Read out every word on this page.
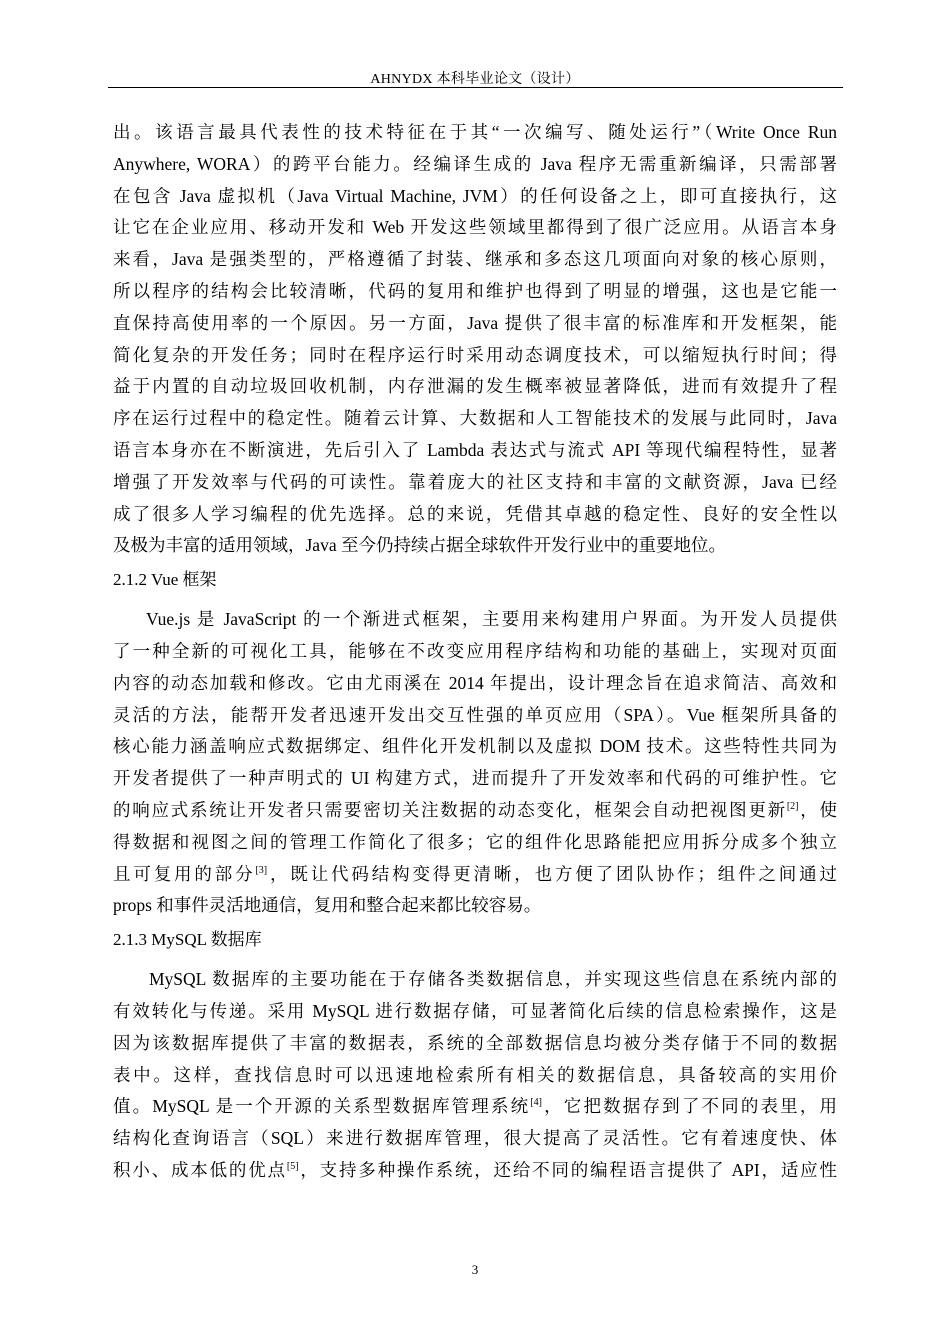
AHNYDX 本科毕业论文（设计）

出。该语言最具代表性的技术特征在于其“一次编写、随处运行”（Write Once Run
Anywhere, WORA）的跨平台能力。经编译生成的 Java 程序无需重新编译，只需部署
在包含 Java 虚拟机（Java Virtual Machine, JVM）的任何设备之上，即可直接执行，这
让它在企业应用、移动开发和 Web 开发这些领域里都得到了很广泛应用。从语言本身
来看，Java 是强类型的，严格遵循了封装、继承和多态这几项面向对象的核心原则，
所以程序的结构会比较清晰，代码的复用和维护也得到了明显的增强，这也是它能一
直保持高使用率的一个原因。另一方面，Java 提供了很丰富的标准库和开发框架，能
简化复杂的开发任务；同时在程序运行时采用动态调度技术，可以缩短执行时间；得
益于内置的自动垃圾回收机制，内存泄漏的发生概率被显著降低，进而有效提升了程
序在运行过程中的稳定性。随着云计算、大数据和人工智能技术的发展与此同时，Java
语言本身亦在不断演进，先后引入了 Lambda 表达式与流式 API 等现代编程特性，显著
增强了开发效率与代码的可读性。靠着庞大的社区支持和丰富的文献资源，Java 已经
成了很多人学习编程的优先选择。总的来说，凭借其卓越的稳定性、良好的安全性以
及极为丰富的适用领域，Java 至今仍持续占据全球软件开发行业中的重要地位。

2.1.2 Vue 框架

Vue.js 是 JavaScript 的一个渐进式框架，主要用来构建用户界面。为开发人员提供
了一种全新的可视化工具，能够在不改变应用程序结构和功能的基础上，实现对页面
内容的动态加载和修改。它由尤雨溪在 2014 年提出，设计理念旨在追求简洁、高效和
灵活的方法，能帮开发者迅速开发出交互性强的单页应用（SPA）。Vue 框架所具备的
核心能力涵盖响应式数据绑定、组件化开发机制以及虚拟 DOM 技术。这些特性共同为
开发者提供了一种声明式的 UI 构建方式，进而提升了开发效率和代码的可维护性。它
的响应式系统让开发者只需要密切关注数据的动态变化，框架会自动把视图更新[2]，使
得数据和视图之间的管理工作简化了很多；它的组件化思路能把应用拆分成多个独立
且可复用的部分[3]，既让代码结构变得更清晰，也方便了团队协作；组件之间通过
props 和事件灵活地通信，复用和整合起来都比较容易。

2.1.3 MySQL 数据库

MySQL 数据库的主要功能在于存储各类数据信息，并实现这些信息在系统内部的
有效转化与传递。采用 MySQL 进行数据存储，可显著简化后续的信息检索操作，这是
因为该数据库提供了丰富的数据表，系统的全部数据信息均被分类存储于不同的数据
表中。这样，查找信息时可以迅速地检索所有相关的数据信息，具备较高的实用价
值。MySQL 是一个开源的关系型数据库管理系统[4]，它把数据存到了不同的表里，用
结构化查询语言（SQL）来进行数据库管理，很大提高了灵活性。它有着速度快、体
积小、成本低的优点[5]，支持多种操作系统，还给不同的编程语言提供了 API，适应性

3
